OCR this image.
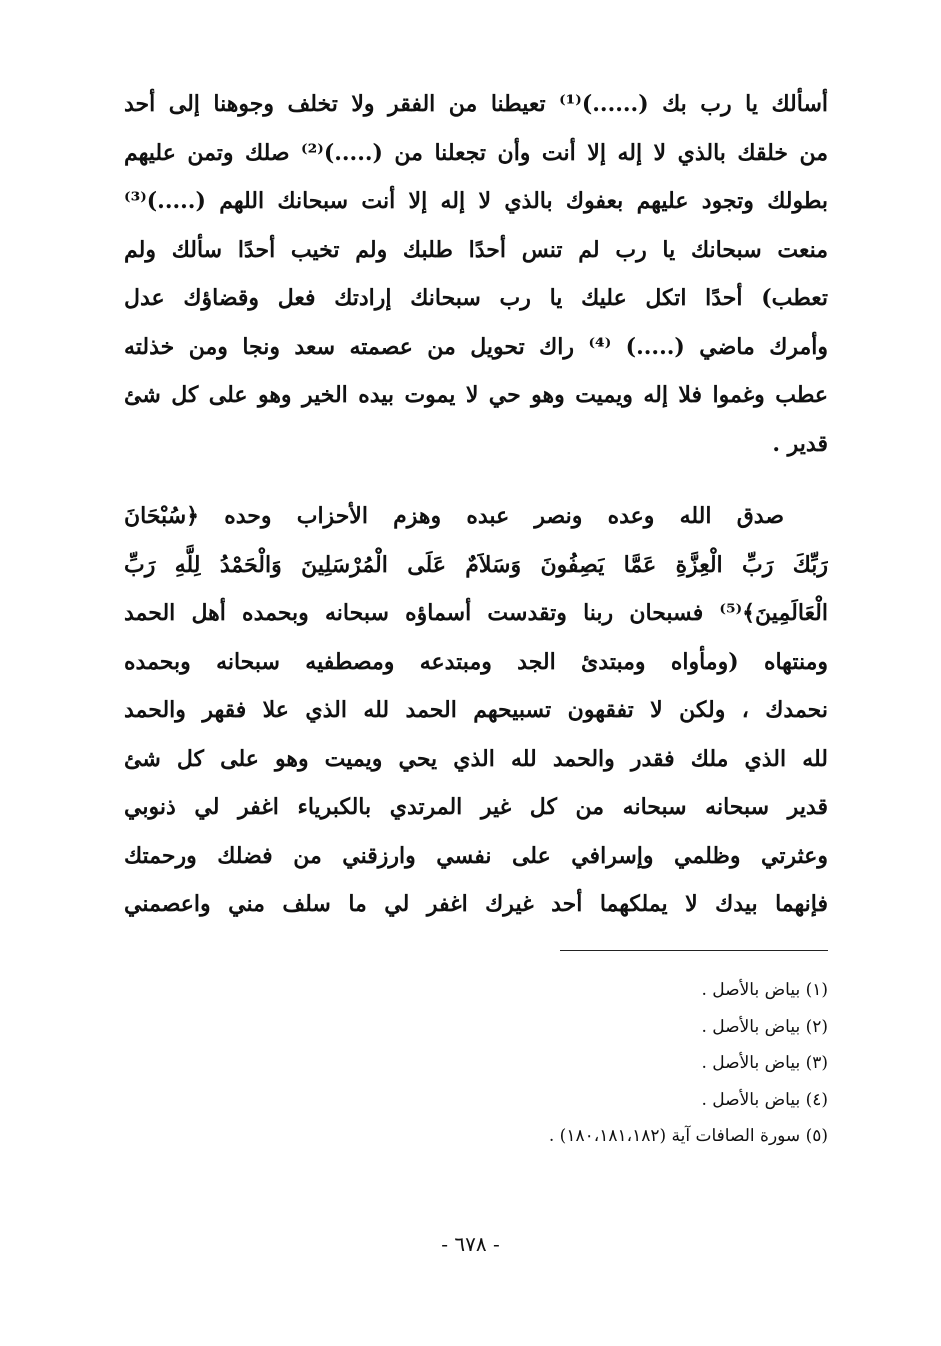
أسألك يا رب بك (......)⁽¹⁾ تعيطنا من الفقر ولا تخلف وجوهنا إلى أحد
من خلقك بالذي لا إله إلا أنت وأن تجعلنا من (.....)⁽²⁾ صلك وتمن عليهم
بطولك وتجود عليهم بعفوك بالذي لا إله إلا أنت سبحانك اللهم (.....)⁽³⁾
منعت سبحانك يا رب لم تنس أحدًا طلبك ولم تخيب أحدًا سألك ولم
تعطب) أحدًا اتكل عليك يا رب سبحانك إرادتك فعل وقضاؤك عدل
وأمرك ماضي (.....) ⁽⁴⁾ راك تحويل من عصمته سعد ونجا ومن خذلته
عطب وغموا فلا إله ويميت وهو حي لا يموت بيده الخير وهو على كل شئ
قدير .
صدق الله وعده ونصر عبده وهزم الأحزاب وحده ﴿سُبْحَانَ
رَبِّكَ رَبِّ الْعِزَّةِ عَمَّا يَصِفُونَ وَسَلاَمٌ عَلَى الْمُرْسَلِينَ وَالْحَمْدُ لِلَّهِ رَبِّ
الْعَالَمِينَ﴾⁽⁵⁾ فسبحان ربنا وتقدست أسماؤه سبحانه وبحمده أهل الحمد
ومنتهاه (ومأواه ومبتدئ الجد ومبتدعه ومصطفيه سبحانه وبحمده
نحمدك ، ولكن لا تفقهون تسبيحهم الحمد لله الذي علا فقهر والحمد
لله الذي ملك فقدر والحمد لله الذي يحي ويميت وهو على كل شئ
قدير سبحانه سبحانه من كل غير المرتدي بالكبرياء اغفر لي ذنوبي
وعثرتي وظلمي وإسرافي على نفسي وارزقني من فضلك ورحمتك
فإنهما بيدك لا يملكهما أحد غيرك اغفر لي ما سلف مني واعصمني
(١) بياض بالأصل .
(٢) بياض بالأصل .
(٣) بياض بالأصل .
(٤) بياض بالأصل .
(٥) سورة الصافات آية (١٨٠،١٨١،١٨٢) .
- ٦٧٨ -
